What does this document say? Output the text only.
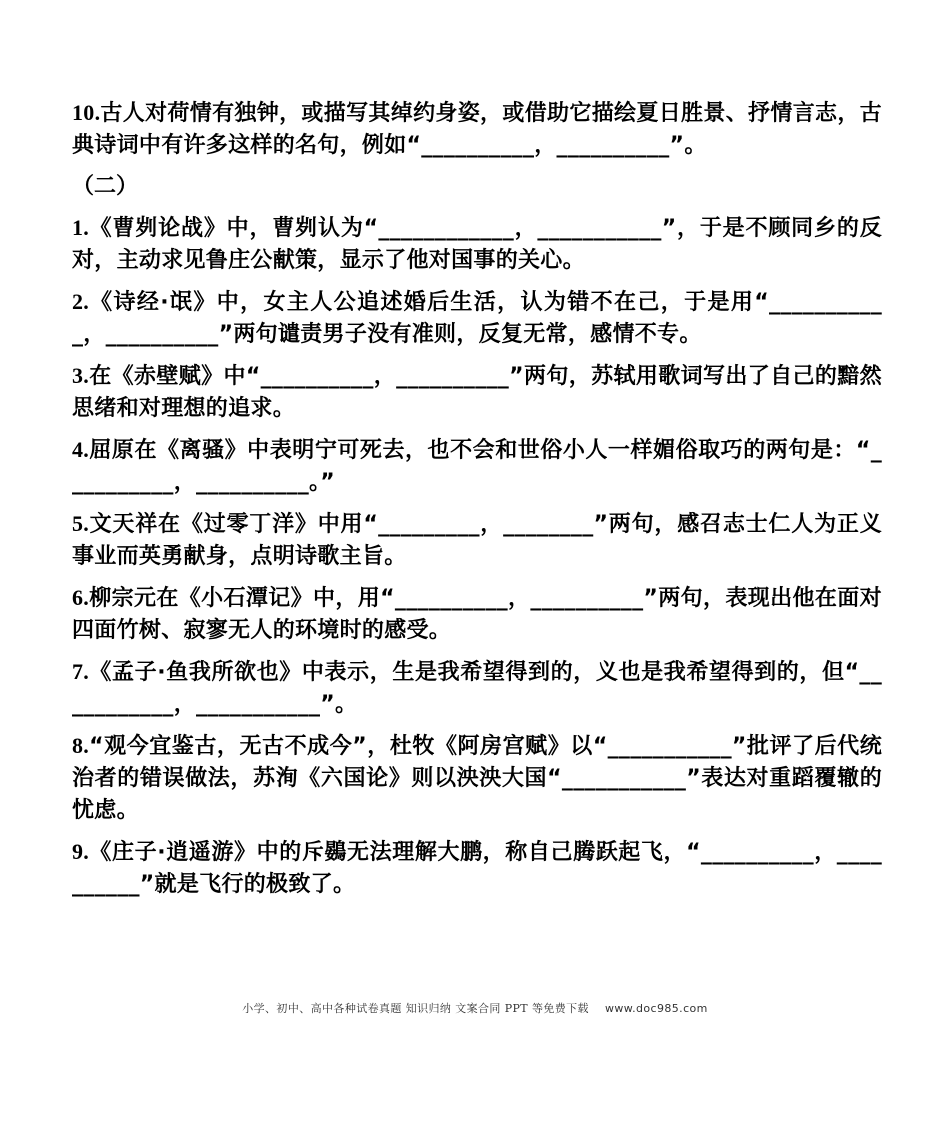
10.古人对荷情有独钟，或描写其绰约身姿，或借助它描绘夏日胜景、抒情言志，古典诗词中有许多这样的名句，例如“__________，__________”。

（二）

1.《曹刿论战》中，曹刿认为“____________，___________”，于是不顾同乡的反对，主动求见鲁庄公献策，显示了他对国事的关心。

2.《诗经·氓》中，女主人公追述婚后生活，认为错不在己，于是用“___________，__________”两句谴责男子没有准则，反复无常，感情不专。

3.在《赤壁赋》中“__________，__________”两句，苏轼用歌词写出了自己的黯然思绪和对理想的追求。

4.屈原在《离骚》中表明宁可死去，也不会和世俗小人一样媚俗取巧的两句是：“__________，__________。”

5.文天祥在《过零丁洋》中用“_________，________”两句，感召志士仁人为正义事业而英勇献身，点明诗歌主旨。

6.柳宗元在《小石潭记》中，用“__________，__________”两句，表现出他在面对四面竹树、寂寥无人的环境时的感受。

7.《孟子·鱼我所欲也》中表示，生是我希望得到的，义也是我希望得到的，但“___________，___________”。

8.“观今宜鉴古，无古不成今”，杜牧《阿房宫赋》以“___________”批评了后代统治者的错误做法，苏洵《六国论》则以泱泱大国“___________”表达对重蹈覆辙的忧虑。

9.《庄子·逍遥游》中的斥鷃无法理解大鹏，称自己腾跃起飞，“__________，__________”就是飞行的极致了。

小学、初中、高中各种试卷真题 知识归纳 文案合同 PPT 等免费下载 www.doc985.com
